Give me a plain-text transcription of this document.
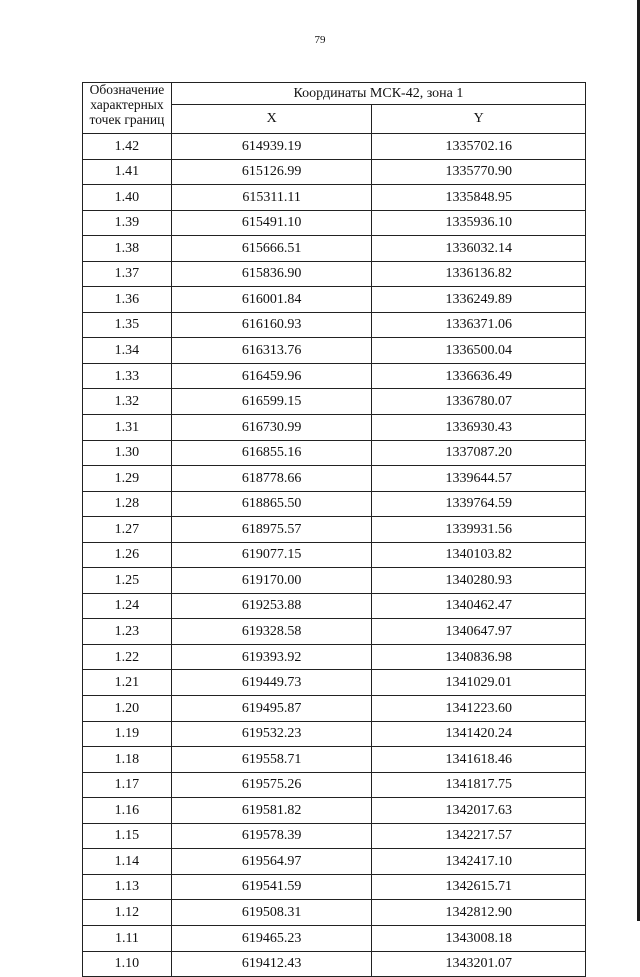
79
Обозначение характерных точек границ	Координаты МСК-42, зона 1	
	X	Y
1.42	614939.19	1335702.16
1.41	615126.99	1335770.90
1.40	615311.11	1335848.95
1.39	615491.10	1335936.10
1.38	615666.51	1336032.14
1.37	615836.90	1336136.82
1.36	616001.84	1336249.89
1.35	616160.93	1336371.06
1.34	616313.76	1336500.04
1.33	616459.96	1336636.49
1.32	616599.15	1336780.07
1.31	616730.99	1336930.43
1.30	616855.16	1337087.20
1.29	618778.66	1339644.57
1.28	618865.50	1339764.59
1.27	618975.57	1339931.56
1.26	619077.15	1340103.82
1.25	619170.00	1340280.93
1.24	619253.88	1340462.47
1.23	619328.58	1340647.97
1.22	619393.92	1340836.98
1.21	619449.73	1341029.01
1.20	619495.87	1341223.60
1.19	619532.23	1341420.24
1.18	619558.71	1341618.46
1.17	619575.26	1341817.75
1.16	619581.82	1342017.63
1.15	619578.39	1342217.57
1.14	619564.97	1342417.10
1.13	619541.59	1342615.71
1.12	619508.31	1342812.90
1.11	619465.23	1343008.18
1.10	619412.43	1343201.07
